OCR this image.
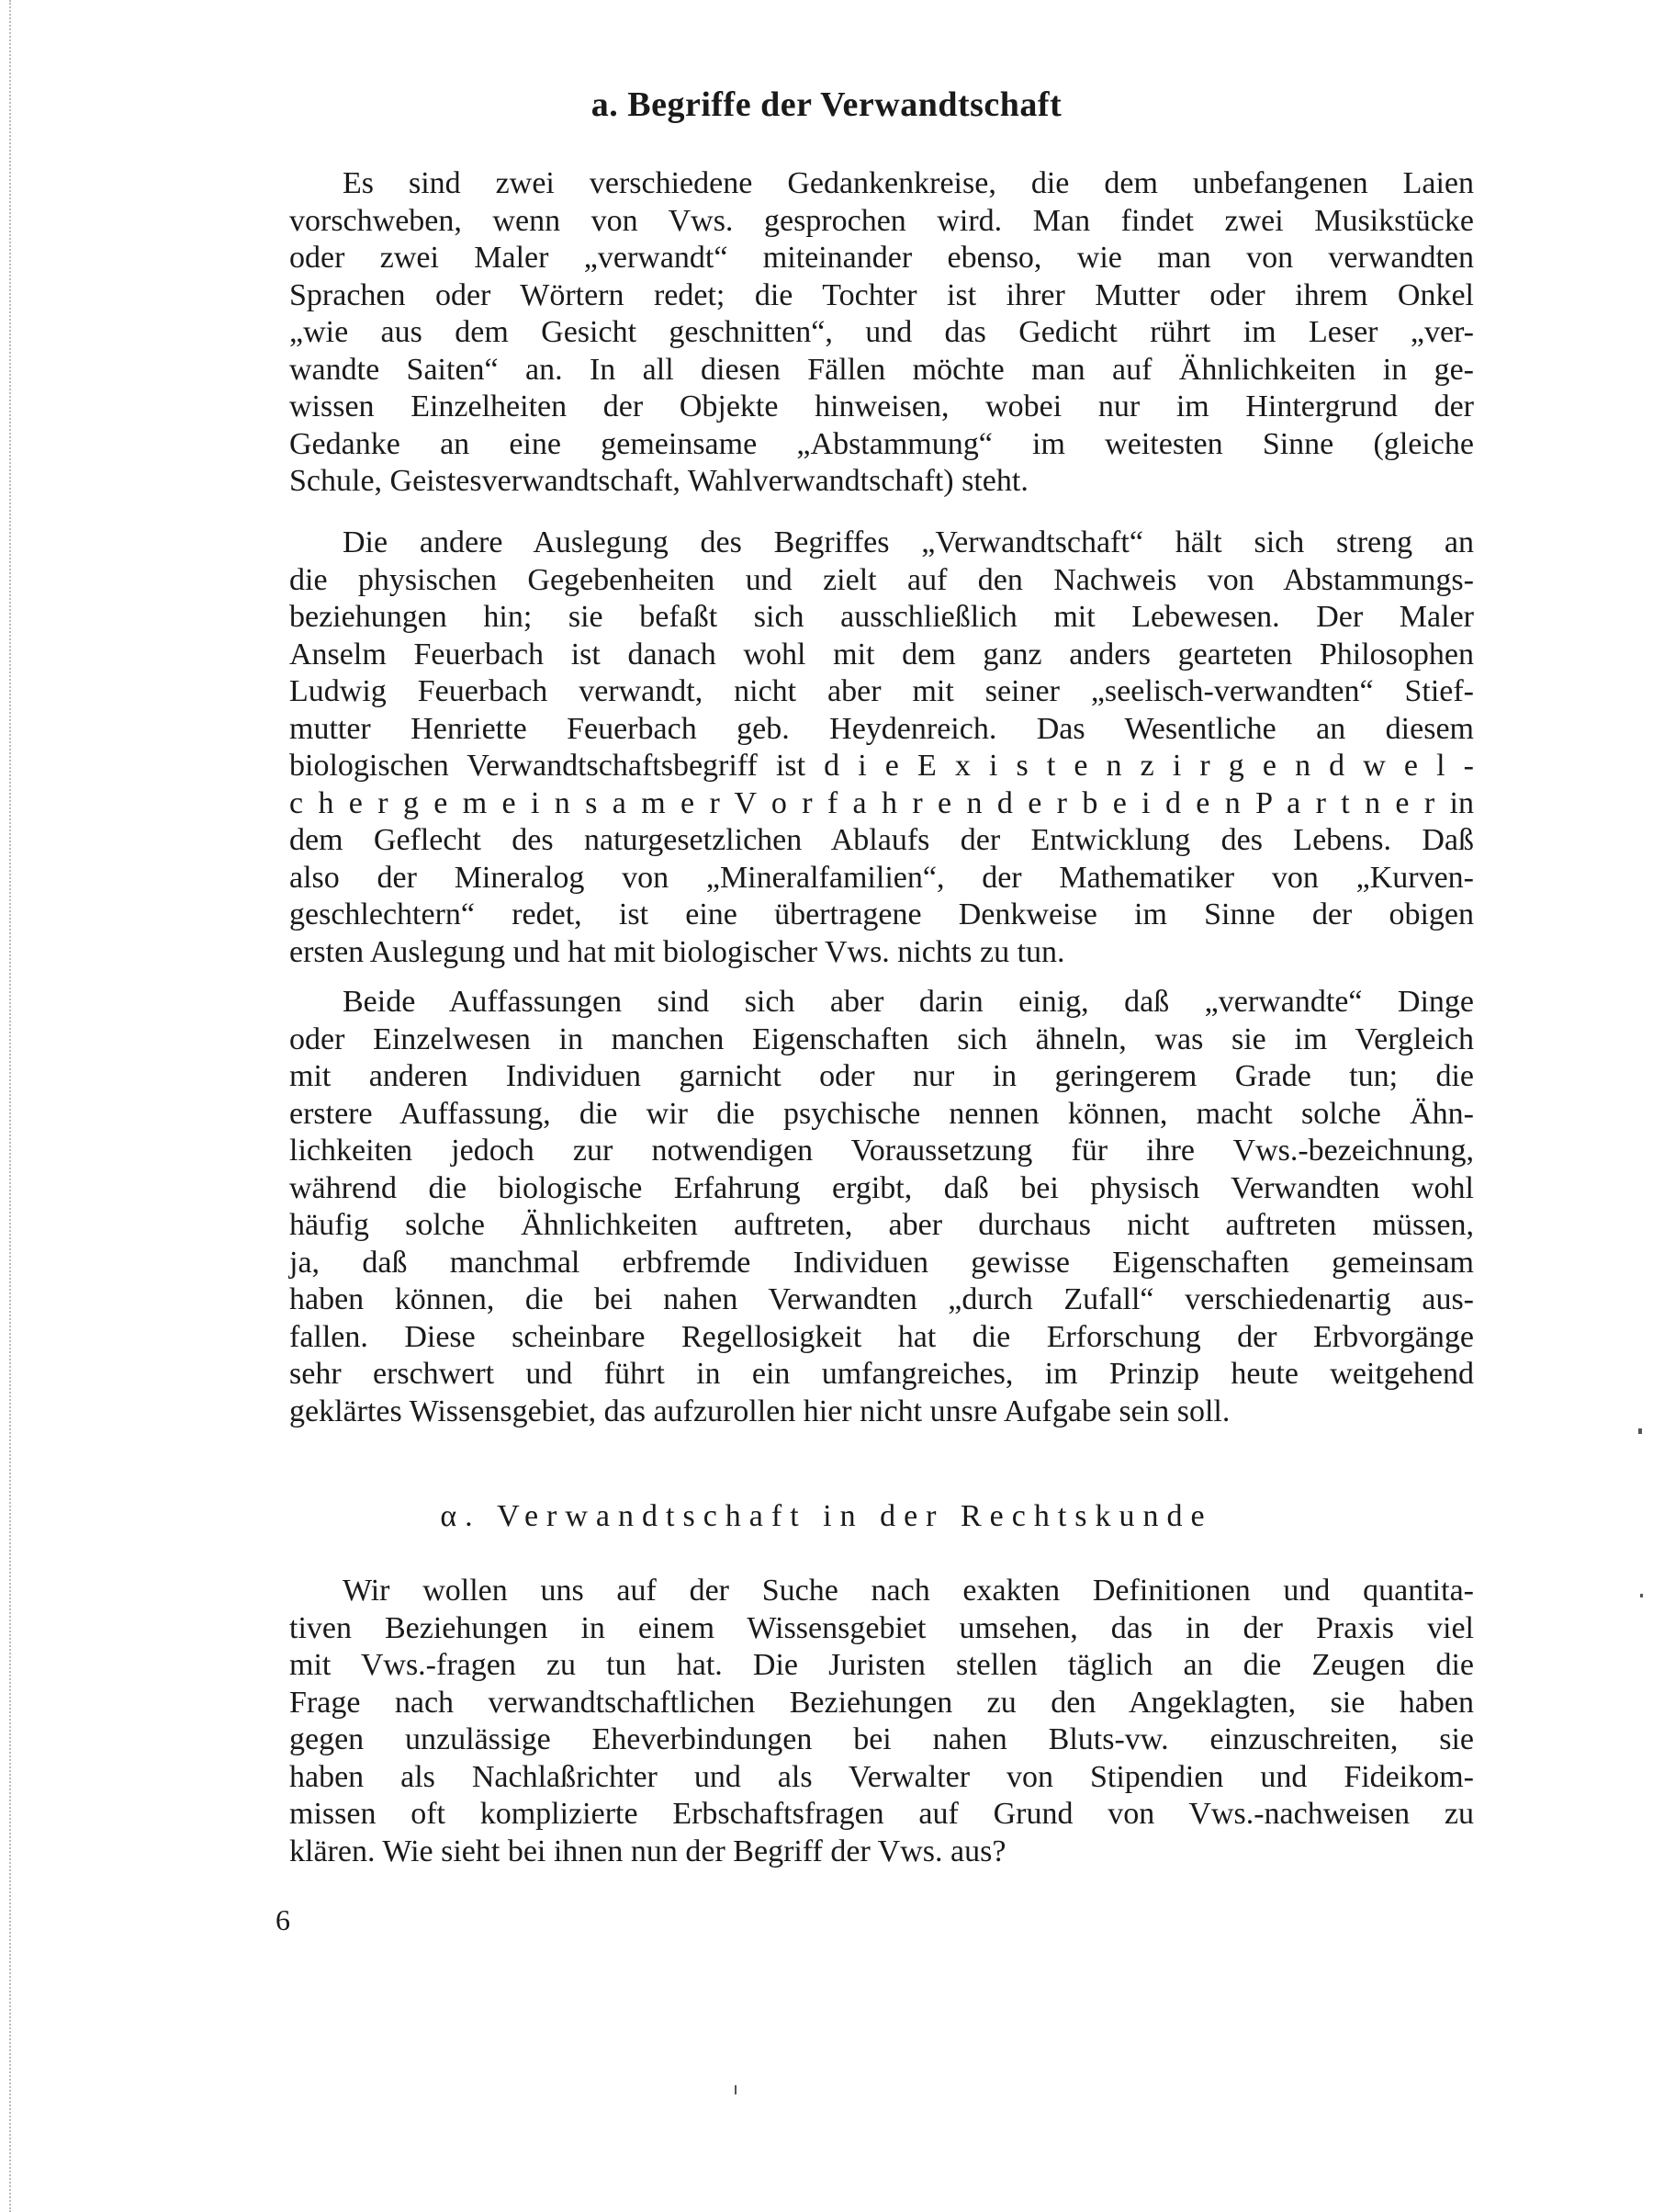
a. Begriffe der Verwandtschaft
Es sind zwei verschiedene Gedankenkreise, die dem unbefangenen Laien
vorschweben, wenn von Vws. gesprochen wird. Man findet zwei Musikstücke
oder zwei Maler „verwandt“ miteinander ebenso, wie man von verwandten
Sprachen oder Wörtern redet; die Tochter ist ihrer Mutter oder ihrem Onkel
„wie aus dem Gesicht geschnitten“, und das Gedicht rührt im Leser „ver-
wandte Saiten“ an. In all diesen Fällen möchte man auf Ähnlichkeiten in ge-
wissen Einzelheiten der Objekte hinweisen, wobei nur im Hintergrund der
Gedanke an eine gemeinsame „Abstammung“ im weitesten Sinne (gleiche
Schule, Geistesverwandtschaft, Wahlverwandtschaft) steht.
Die andere Auslegung des Begriffes „Verwandtschaft“ hält sich streng an
die physischen Gegebenheiten und zielt auf den Nachweis von Abstammungs-
beziehungen hin; sie befaßt sich ausschließlich mit Lebewesen. Der Maler
Anselm Feuerbach ist danach wohl mit dem ganz anders gearteten Philosophen
Ludwig Feuerbach verwandt, nicht aber mit seiner „seelisch-verwandten“ Stief-
mutter Henriette Feuerbach geb. Heydenreich. Das Wesentliche an diesem
biologischen Verwandtschaftsbegriff ist d i e E x i s t e n z i r g e n d w e l -
c h e r g e m e i n s a m e r V o r f a h r e n d e r b e i d e n P a r t n e r in
dem Geflecht des naturgesetzlichen Ablaufs der Entwicklung des Lebens. Daß
also der Mineralog von „Mineralfamilien“, der Mathematiker von „Kurven-
geschlechtern“ redet, ist eine übertragene Denkweise im Sinne der obigen
ersten Auslegung und hat mit biologischer Vws. nichts zu tun.
Beide Auffassungen sind sich aber darin einig, daß „verwandte“ Dinge
oder Einzelwesen in manchen Eigenschaften sich ähneln, was sie im Vergleich
mit anderen Individuen garnicht oder nur in geringerem Grade tun; die
erstere Auffassung, die wir die psychische nennen können, macht solche Ähn-
lichkeiten jedoch zur notwendigen Voraussetzung für ihre Vws.-bezeichnung,
während die biologische Erfahrung ergibt, daß bei physisch Verwandten wohl
häufig solche Ähnlichkeiten auftreten, aber durchaus nicht auftreten müssen,
ja, daß manchmal erbfremde Individuen gewisse Eigenschaften gemeinsam
haben können, die bei nahen Verwandten „durch Zufall“ verschiedenartig aus-
fallen. Diese scheinbare Regellosigkeit hat die Erforschung der Erbvorgänge
sehr erschwert und führt in ein umfangreiches, im Prinzip heute weitgehend
geklärtes Wissensgebiet, das aufzurollen hier nicht unsre Aufgabe sein soll.
α. Verwandtschaft in der Rechtskunde
Wir wollen uns auf der Suche nach exakten Definitionen und quantita-
tiven Beziehungen in einem Wissensgebiet umsehen, das in der Praxis viel
mit Vws.-fragen zu tun hat. Die Juristen stellen täglich an die Zeugen die
Frage nach verwandtschaftlichen Beziehungen zu den Angeklagten, sie haben
gegen unzulässige Eheverbindungen bei nahen Bluts-vw. einzuschreiten, sie
haben als Nachlaßrichter und als Verwalter von Stipendien und Fideikom-
missen oft komplizierte Erbschaftsfragen auf Grund von Vws.-nachweisen zu
klären. Wie sieht bei ihnen nun der Begriff der Vws. aus?
6
